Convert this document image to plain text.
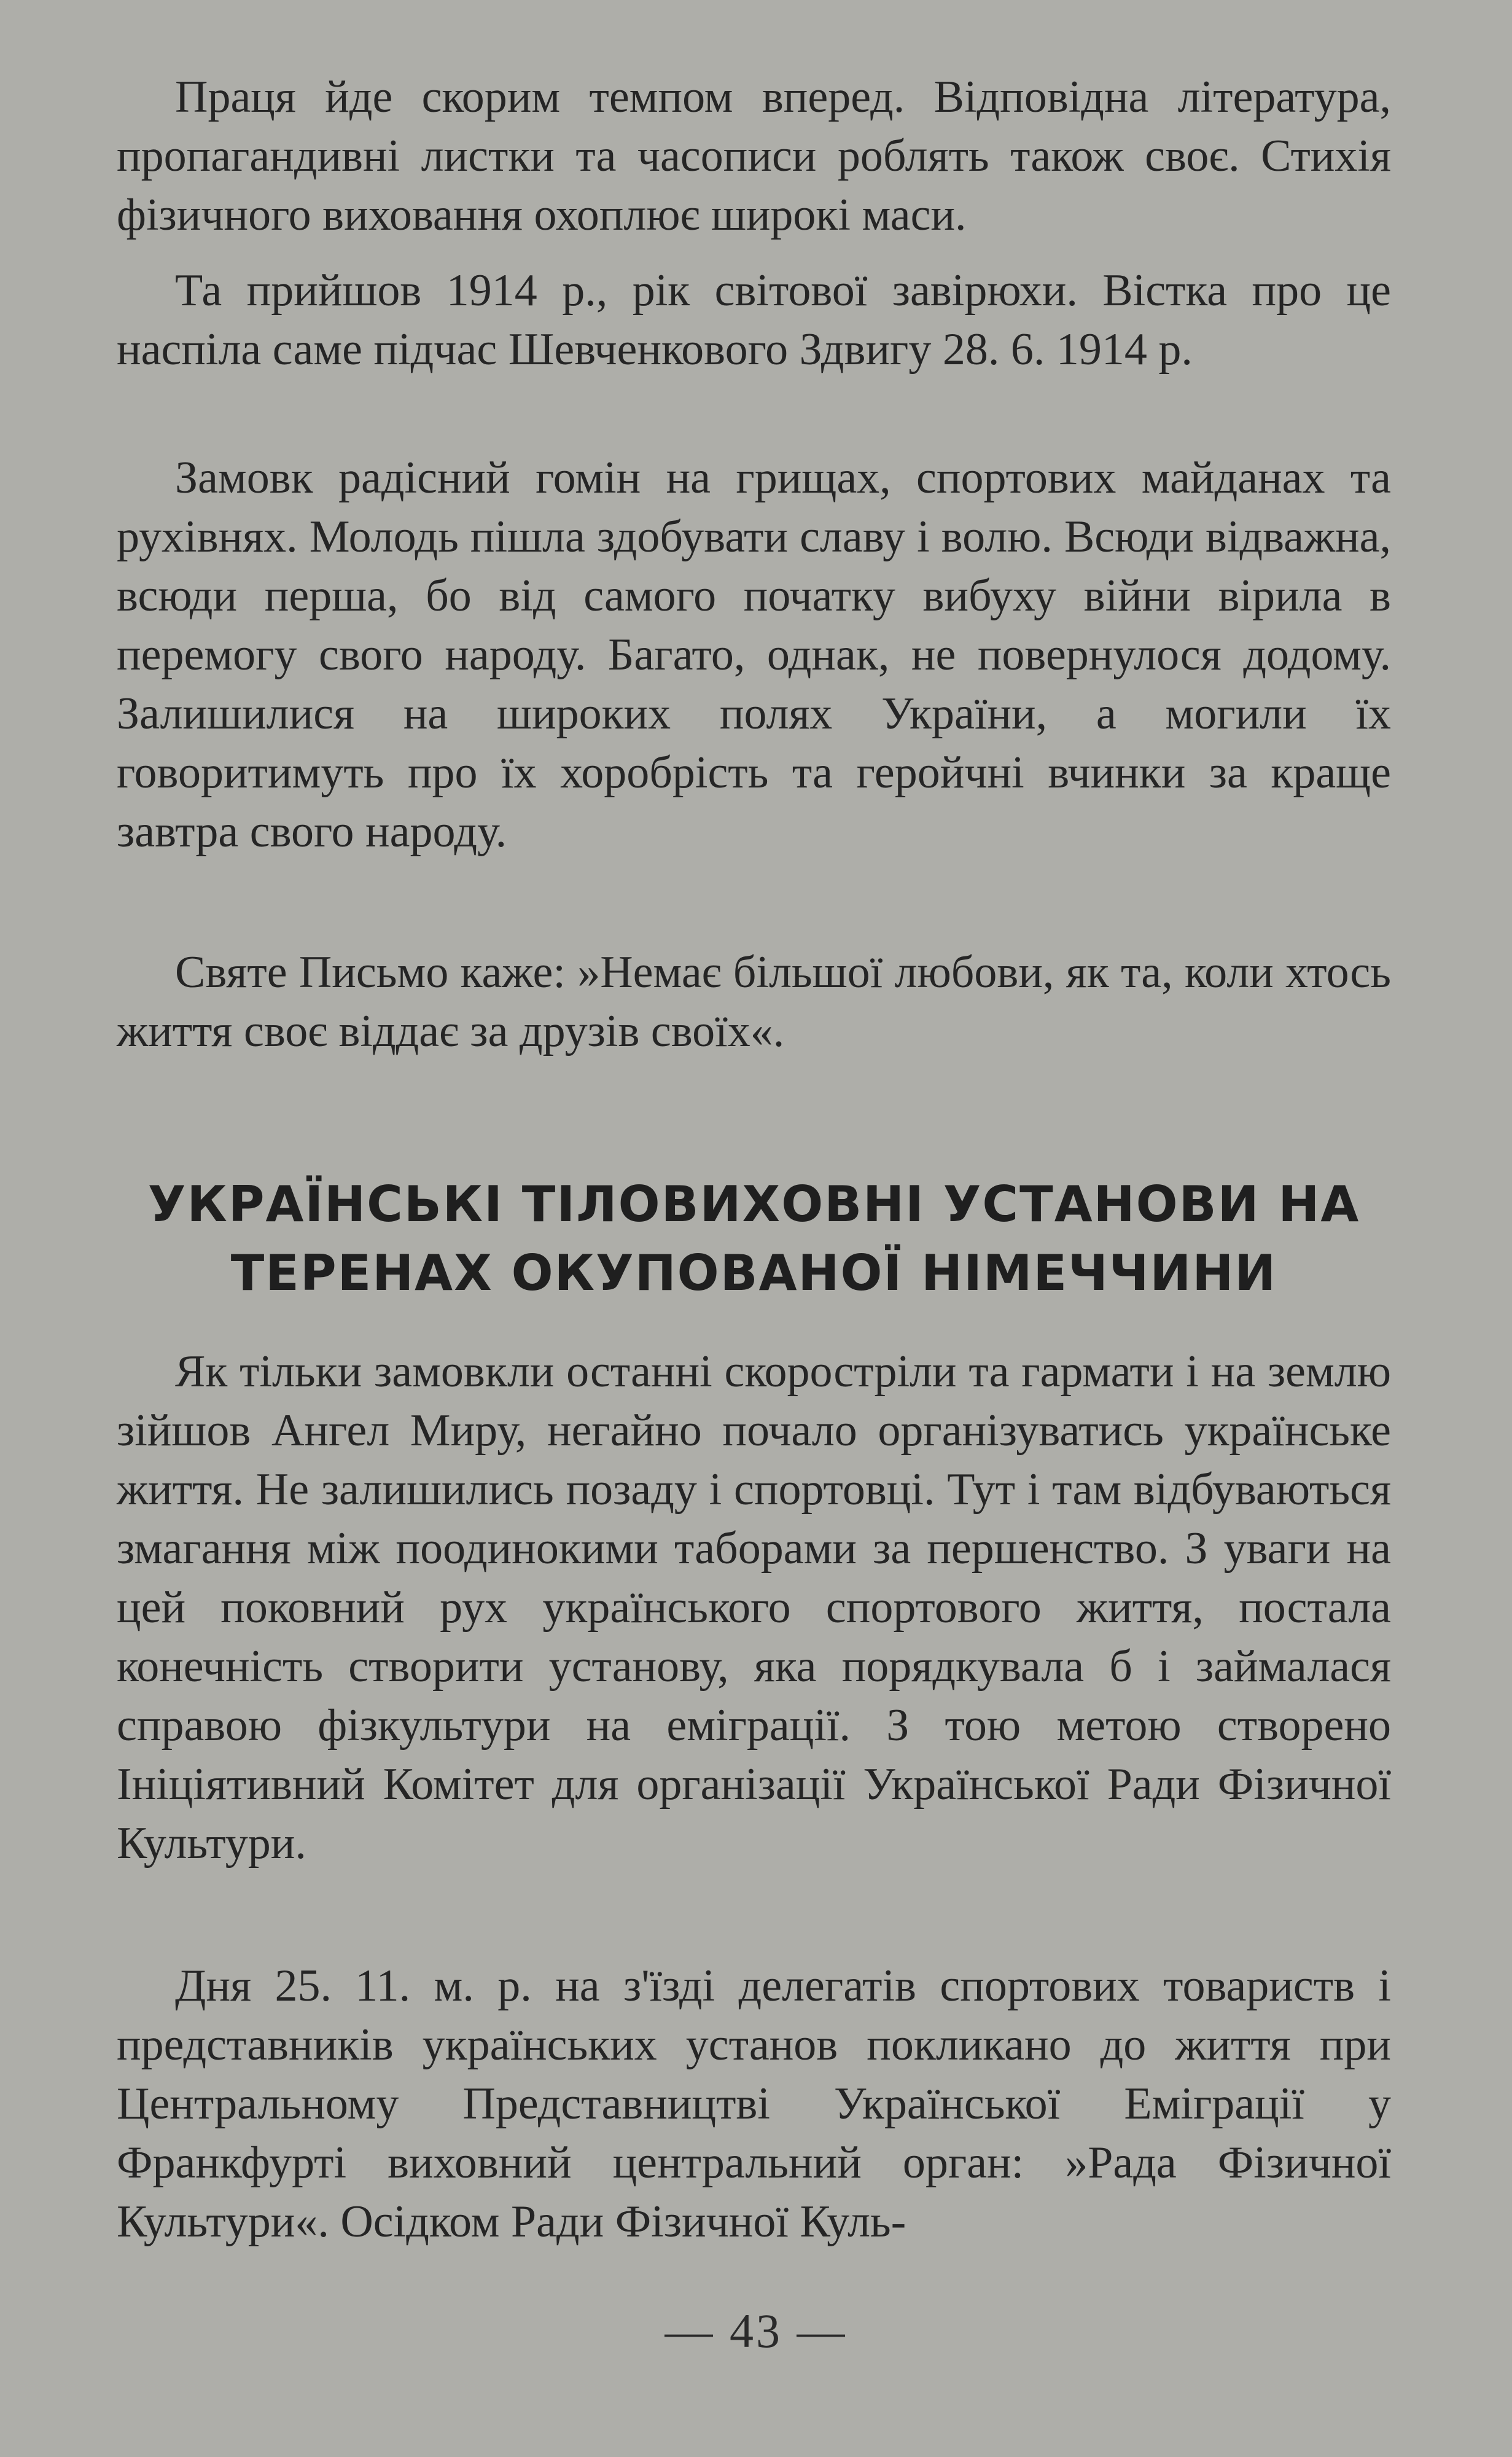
Праця йде скорим темпом вперед. Відповідна література, пропагандивні листки та часописи роблять також своє. Стихія фізичного виховання охоплює широкі маси.

Та прийшов 1914 р., рік світової завірюхи. Вістка про це наспіла саме підчас Шевченкового Здвигу 28. 6. 1914 р.

Замовк радісний гомін на грищах, спортових майданах та рухівнях. Молодь пішла здобувати славу і волю. Всюди відважна, всюди перша, бо від самого початку вибуху війни вірила в перемогу свого народу. Багато, однак, не повернулося додому. Залишилися на широких полях України, а могили їх говоритимуть про їх хоробрість та геройчні вчинки за краще завтра свого народу.

Святе Письмо каже: »Немає більшої любови, як та, коли хтось життя своє віддає за друзів своїх«.

УКРАЇНСЬКІ ТІЛОВИХОВНІ УСТАНОВИ НА ТЕРЕНАХ ОКУПОВАНОЇ НІМЕЧЧИНИ

Як тільки замовкли останні скоростріли та гармати і на землю зійшов Ангел Миру, негайно почало організуватись українське життя. Не залишились позаду і спортовці. Тут і там відбуваються змагання між поодинокими таборами за першенство. З уваги на цей поковний рух українського спортового життя, постала конечність створити установу, яка порядкувала б і займалася справою фізкультури на еміграції. З тою метою створено Ініціятивний Комітет для організації Української Ради Фізичної Культури.

Дня 25. 11. м. р. на з'їзді делегатів спортових товариств і представників українських установ покликано до життя при Центральному Представництві Української Еміграції у Франкфурті виховний центральний орган: »Рада Фізичної Культури«. Осідком Ради Фізичної Куль-

— 43 —
